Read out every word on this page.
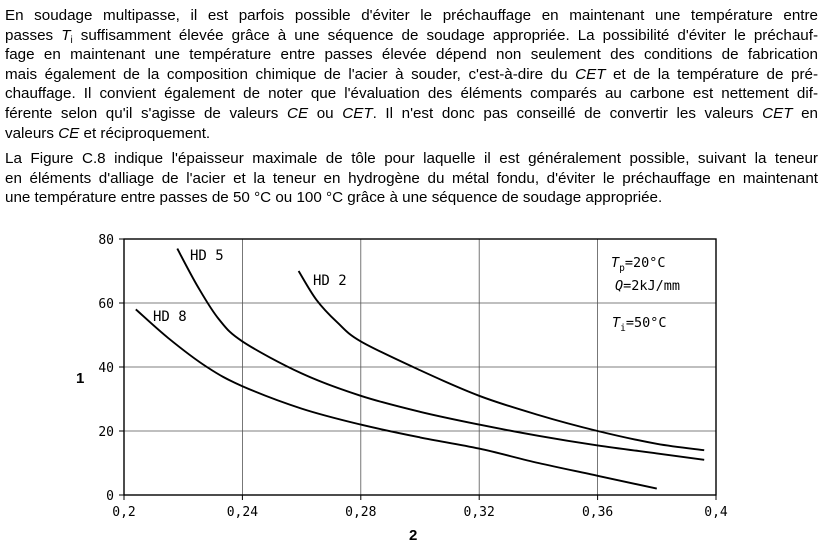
En soudage multipasse, il est parfois possible d'éviter le préchauffage en maintenant une température entre
passes $T_i$ suffisamment élevée grâce à une séquence de soudage appropriée. La possibilité d'éviter le préchauf-
fage en maintenant une température entre passes élevée dépend non seulement des conditions de fabrication
mais également de la composition chimique de l'acier à souder, c'est-à-dire du CET et de la température de pré-
chauffage. Il convient également de noter que l'évaluation des éléments comparés au carbone est nettement dif-
férente selon qu'il s'agisse de valeurs CE ou CET. Il n'est donc pas conseillé de convertir les valeurs CET en
valeurs CE et réciproquement.
La Figure C.8 indique l'épaisseur maximale de tôle pour laquelle il est généralement possible, suivant la teneur
en éléments d'alliage de l'acier et la teneur en hydrogène du métal fondu, d'éviter le préchauffage en maintenant
une température entre passes de 50 °C ou 100 °C grâce à une séquence de soudage appropriée.
0,2	0,24	0,28	0,32	0,36	0,4
0
20
40
60
80
HD 5
HD 2
HD 8
1
2
$T_p=20^\circ C$
Q=2kJ/mm
$T_i=50^\circ C$
